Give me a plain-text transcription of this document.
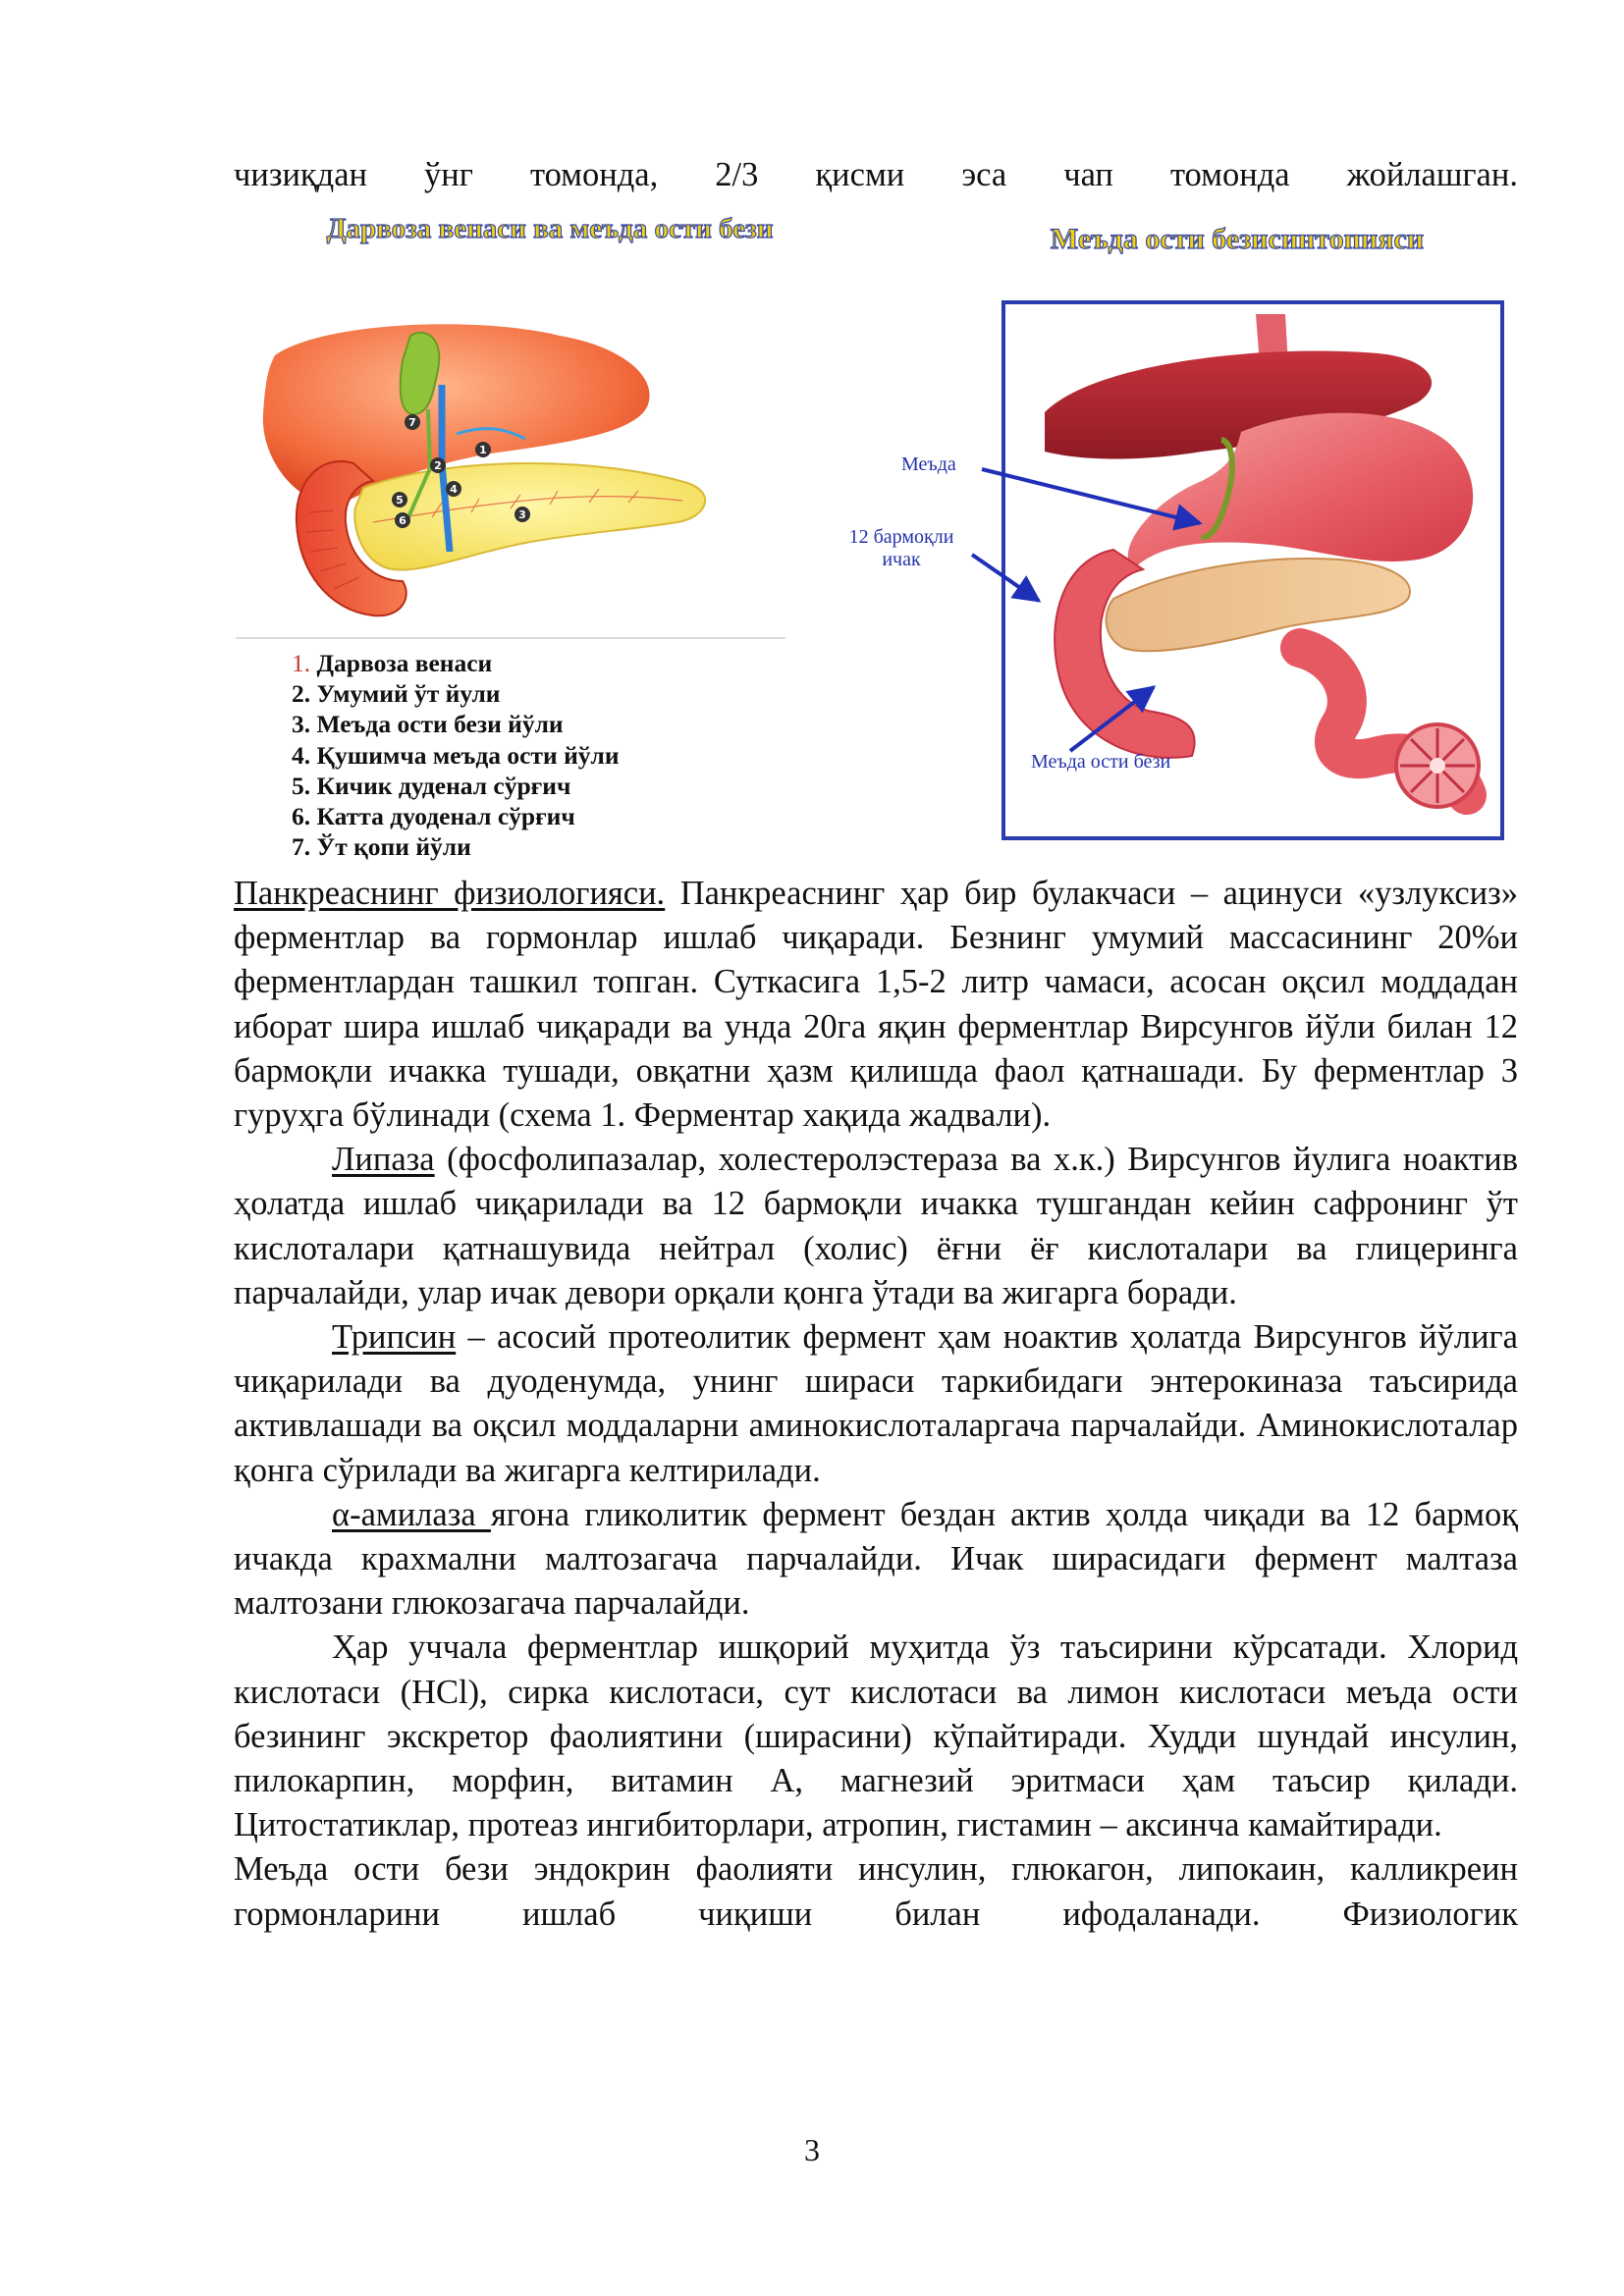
чизиқдан ўнг томонда, 2/3 қисми эса чап томонда жойлашган.
Дарвоза венаси ва меъда ости бези
7
1
2
4
5
3
6
1. Дарвоза венаси
2. Умумий ўт йули
3. Меъда ости бези йўли
4. Қушимча меъда ости йўли
5. Кичик дуденал сўрғич
6. Катта дуоденал сўрғич
7. Ўт қопи йўли
Меъда ости безисинтопияси
Меъда
12 бармоқли ичак
Меъда ости бези

Панкреаснинг физиологияси. Панкреаснинг ҳар бир булакчаси – ацинуси «узлуксиз» ферментлар ва гормонлар ишлаб чиқаради. Безнинг умумий массасининг 20%и ферментлардан ташкил топган. Суткасига 1,5-2 литр чамаси, асосан оқсил моддадан иборат шира ишлаб чиқаради ва унда 20га яқин ферментлар Вирсунгов йўли билан 12 бармоқли ичакка тушади, овқатни ҳазм қилишда фаол қатнашади. Бу ферментлар 3 гуруҳга бўлинади (схема 1. Ферментар хақида жадвали).

Липаза (фосфолипазалар, холестеролэстераза ва х.к.) Вирсунгов йулига ноактив ҳолатда ишлаб чиқарилади ва 12 бармоқли ичакка тушгандан кейин сафронинг ўт кислоталари қатнашувида нейтрал (холис) ёғни ёғ кислоталари ва глицеринга парчалайди, улар ичак девори орқали қонга ўтади ва жигарга боради.

Трипсин – асосий протеолитик фермент ҳам ноактив ҳолатда Вирсунгов йўлига чиқарилади ва дуоденумда, унинг шираси таркибидаги энтерокиназа таъсирида активлашади ва оқсил моддаларни аминокислоталаргача парчалайди. Аминокислоталар қонга сўрилади ва жигарга келтирилади.

α-амилаза ягона гликолитик фермент бездан актив ҳолда чиқади ва 12 бармоқ ичакда крахмални малтозагача парчалайди. Ичак ширасидаги фермент малтаза малтозани глюкозагача парчалайди.

Ҳар уччала ферментлар ишқорий муҳитда ўз таъсирини кўрсатади. Хлорид кислотаси (HCl), сирка кислотаси, сут кислотаси ва лимон кислотаси меъда ости безининг экскретор фаолиятини (ширасини) кўпайтиради. Худди шундай инсулин, пилокарпин, морфин, витамин А, магнезий эритмаси ҳам таъсир қилади. Цитостатиклар, протеаз ингибиторлари, атропин, гистамин – аксинча камайтиради.

Меъда ости бези эндокрин фаолияти инсулин, глюкагон, липокаин, калликреин гормонларини ишлаб чиқиши билан ифодаланади. Физиологик

3
